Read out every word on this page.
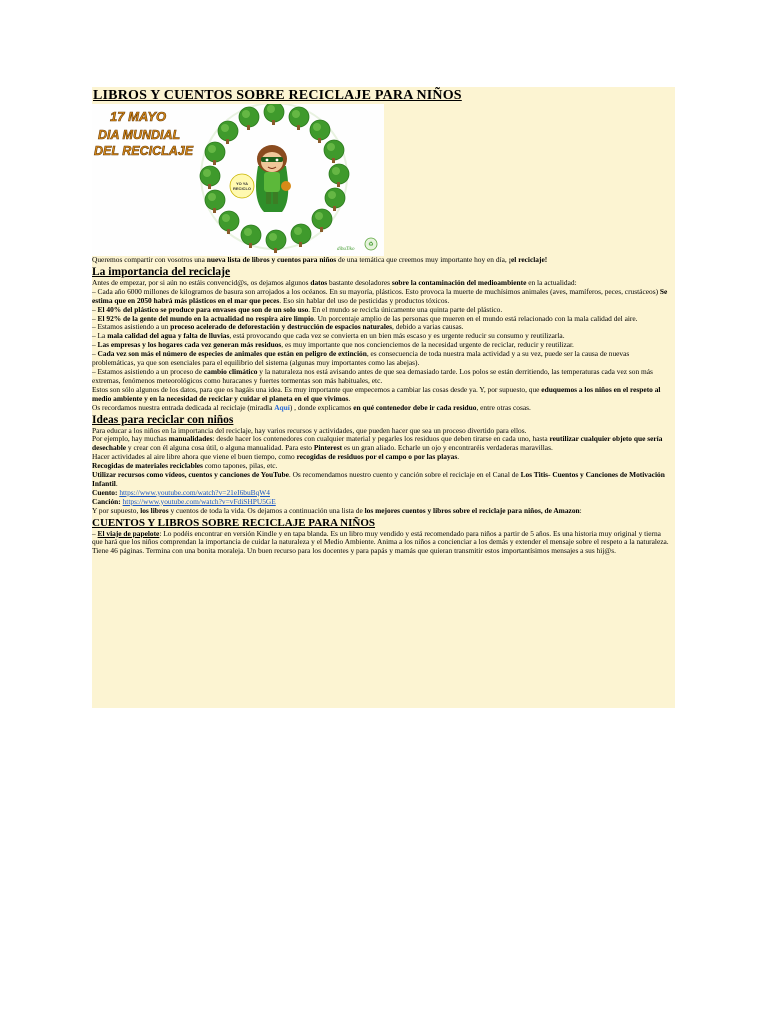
LIBROS Y CUENTOS SOBRE RECICLAJE PARA NIÑOS
17 MAYO
DIA MUNDIAL
DEL RECICLAJE
YO YA
RECICLO
♻
dibuTiko

Queremos compartir con vosotros una nueva lista de libros y cuentos para niños de una temática que creemos muy importante hoy en día, ¡el reciclaje!

La importancia del reciclaje

Antes de empezar, por si aún no estáis convencid@s, os dejamos algunos datos bastante desoladores sobre la contaminación del medioambiente en la actualidad:

– Cada año 6000 millones de kilogramos de basura son arrojados a los océanos. En su mayoría, plásticos. Esto provoca la muerte de muchísimos animales (aves, mamíferos, peces, crustáceos) Se estima que en 2050 habrá más plásticos en el mar que peces. Eso sin hablar del uso de pesticidas y productos tóxicos.

– El 40% del plástico se produce para envases que son de un solo uso. En el mundo se recicla únicamente una quinta parte del plástico.

– El 92% de la gente del mundo en la actualidad no respira aire limpio. Un porcentaje amplio de las personas que mueren en el mundo está relacionado con la mala calidad del aire.

– Estamos asistiendo a un proceso acelerado de deforestación y destrucción de espacios naturales, debido a varias causas.

– La mala calidad del agua y falta de lluvias, está provocando que cada vez se convierta en un bien más escaso y es urgente reducir su consumo y reutilizarla.

– Las empresas y los hogares cada vez generan más residuos, es muy importante que nos concienciemos de la necesidad urgente de reciclar, reducir y reutilizar.

– Cada vez son más el número de especies de animales que están en peligro de extinción, es consecuencia de toda nuestra mala actividad y a su vez, puede ser la causa de nuevas problemáticas, ya que son esenciales para el equilibrio del sistema (algunas muy importantes como las abejas).

– Estamos asistiendo a un proceso de cambio climático y la naturaleza nos está avisando antes de que sea demasiado tarde. Los polos se están derritiendo, las temperaturas cada vez son más extremas, fenómenos meteorológicos como huracanes y fuertes tormentas son más habituales, etc.

Estos son sólo algunos de los datos, para que os hagáis una idea. Es muy importante que empecemos a cambiar las cosas desde ya. Y, por supuesto, que eduquemos a los niños en el respeto al medio ambiente y en la necesidad de reciclar y cuidar el planeta en el que vivimos.

Os recordamos nuestra entrada dedicada al reciclaje (miradla Aquí) , donde explicamos en qué contenedor debe ir cada residuo, entre otras cosas.

Ideas para reciclar con niños

Para educar a los niños en la importancia del reciclaje, hay varios recursos y actividades, que pueden hacer que sea un proceso divertido para ellos.

Por ejemplo, hay muchas manualidades: desde hacer los contenedores con cualquier material y pegarles los residuos que deben tirarse en cada uno, hasta reutilizar cualquier objeto que sería desechable y crear con él alguna cosa útil, o alguna manualidad. Para esto Pinterest es un gran aliado. Echarle un ojo y encontraréis verdaderas maravillas.

Hacer actividades al aire libre ahora que viene el buen tiempo, como recogidas de residuos por el campo o por las playas.

Recogidas de materiales reciclables como tapones, pilas, etc.

Utilizar recursos como vídeos, cuentos y canciones de YouTube. Os recomendamos nuestro cuento y canción sobre el reciclaje en el Canal de Los Titis- Cuentos y Canciones de Motivación Infantil.

Cuento: https://www.youtube.com/watch?v=21eI6buBqW4

Canción: https://www.youtube.com/watch?v=vFdiSHPU5GE

Y por supuesto, los libros y cuentos de toda la vida. Os dejamos a continuación una lista de los mejores cuentos y libros sobre el reciclaje para niños, de Amazon:

CUENTOS Y LIBROS SOBRE RECICLAJE PARA NIÑOS

– El viaje de papelote: Lo podéis encontrar en versión Kindle y en tapa blanda. Es un libro muy vendido y está recomendado para niños a partir de 5 años. Es una historia muy original y tierna que hará que los niños comprendan la importancia de cuidar la naturaleza y el Medio Ambiente. Anima a los niños a concienciar a los demás y extender el mensaje sobre el respeto a la naturaleza. Tiene 46 páginas. Termina con una bonita moraleja. Un buen recurso para los docentes y para papás y mamás que quieran transmitir estos importantísimos mensajes a sus hij@s.
